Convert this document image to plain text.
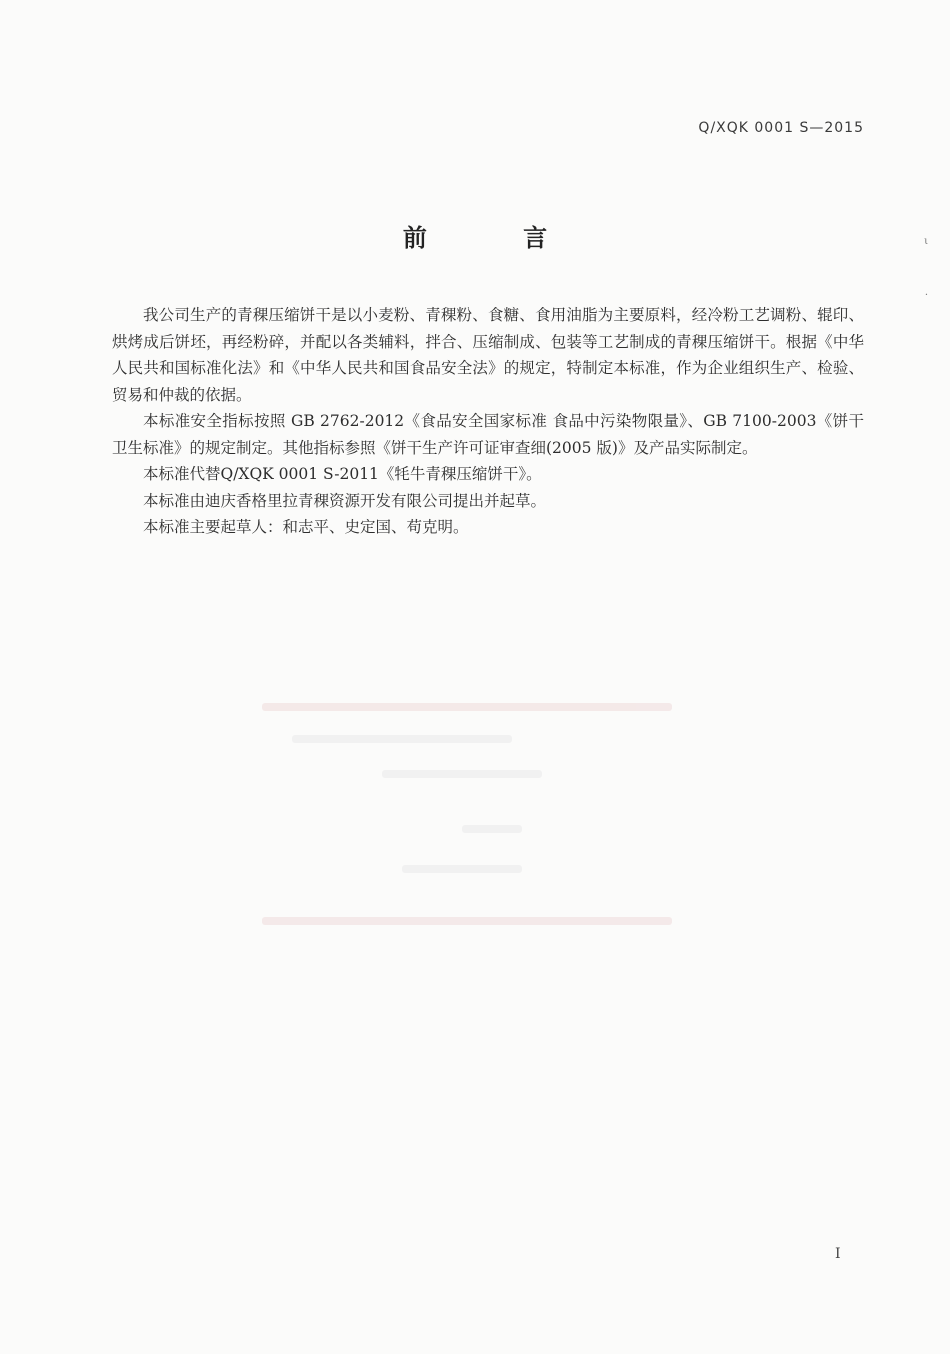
Q/XQK 0001 S—2015
前 言

我公司生产的青稞压缩饼干是以小麦粉、青稞粉、食糖、食用油脂为主要原料，经冷粉工艺调粉、辊印、烘烤成后饼坯，再经粉碎，并配以各类辅料，拌合、压缩制成、包装等工艺制成的青稞压缩饼干。根据《中华人民共和国标准化法》和《中华人民共和国食品安全法》的规定，特制定本标准，作为企业组织生产、检验、贸易和仲裁的依据。

本标准安全指标按照 GB 2762-2012《食品安全国家标准 食品中污染物限量》、GB 7100-2003《饼干卫生标准》的规定制定。其他指标参照《饼干生产许可证审查细(2005 版)》及产品实际制定。

本标准代替Q/XQK 0001 S-2011《牦牛青稞压缩饼干》。

本标准由迪庆香格里拉青稞资源开发有限公司提出并起草。

本标准主要起草人：和志平、史定国、苟克明。

ι
·
I
